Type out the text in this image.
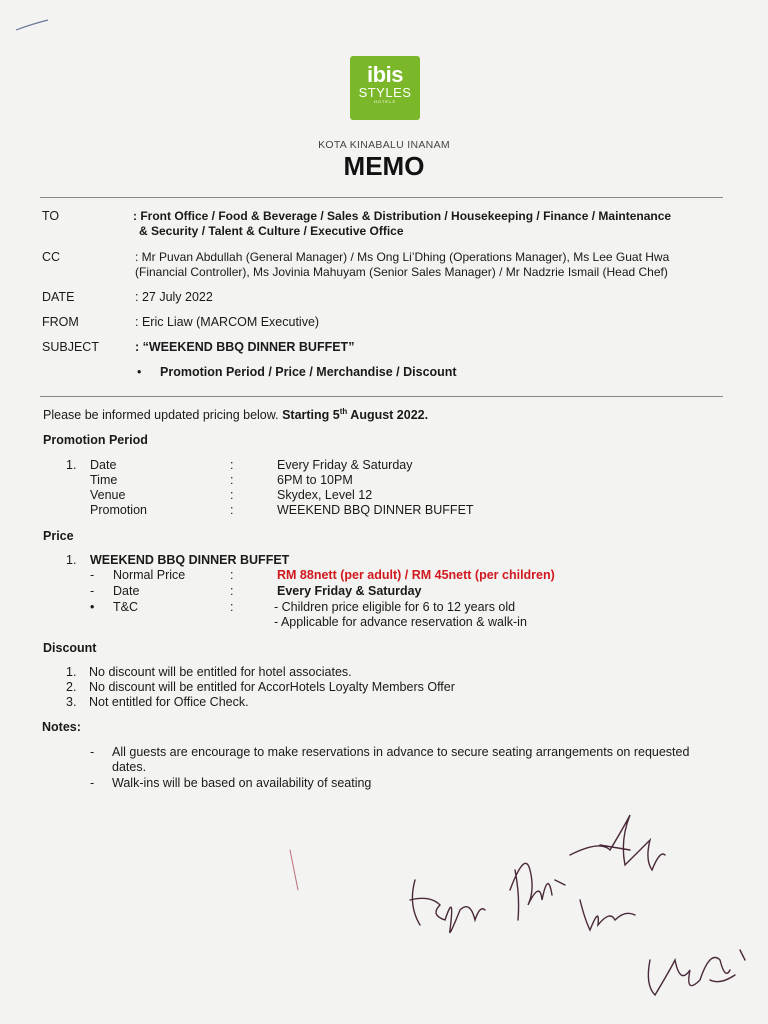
ibis
STYLES
HOTELS
KOTA KINABALU INANAM
MEMO
TO	: Front Office / Food & Beverage / Sales & Distribution / Housekeeping / Finance / Maintenance
& Security / Talent & Culture / Executive Office
CC	: Mr Puvan Abdullah (General Manager) / Ms Ong Li’Dhing (Operations Manager), Ms Lee Guat Hwa
(Financial Controller), Ms Jovinia Mahuyam (Senior Sales Manager) / Mr Nadzrie Ismail (Head Chef)
DATE	: 27 July 2022
FROM	: Eric Liaw (MARCOM Executive)
SUBJECT	: “WEEKEND BBQ DINNER BUFFET”
• Promotion Period / Price / Merchandise / Discount
Please be informed updated pricing below. Starting 5th August 2022.
Promotion Period
1. Date	:	Every Friday & Saturday
Time	:	6PM to 10PM
Venue	:	Skydex, Level 12
Promotion	:	WEEKEND BBQ DINNER BUFFET
Price
1. WEEKEND BBQ DINNER BUFFET
- Normal Price	:	RM 88nett (per adult) / RM 45nett (per children)
- Date	:	Every Friday & Saturday
• T&C	:	- Children price eligible for 6 to 12 years old
- Applicable for advance reservation & walk-in
Discount
1. No discount will be entitled for hotel associates.
2. No discount will be entitled for AccorHotels Loyalty Members Offer
3. Not entitled for Office Check.
Notes:
- All guests are encourage to make reservations in advance to secure seating arrangements on requested
dates.
- Walk-ins will be based on availability of seating
